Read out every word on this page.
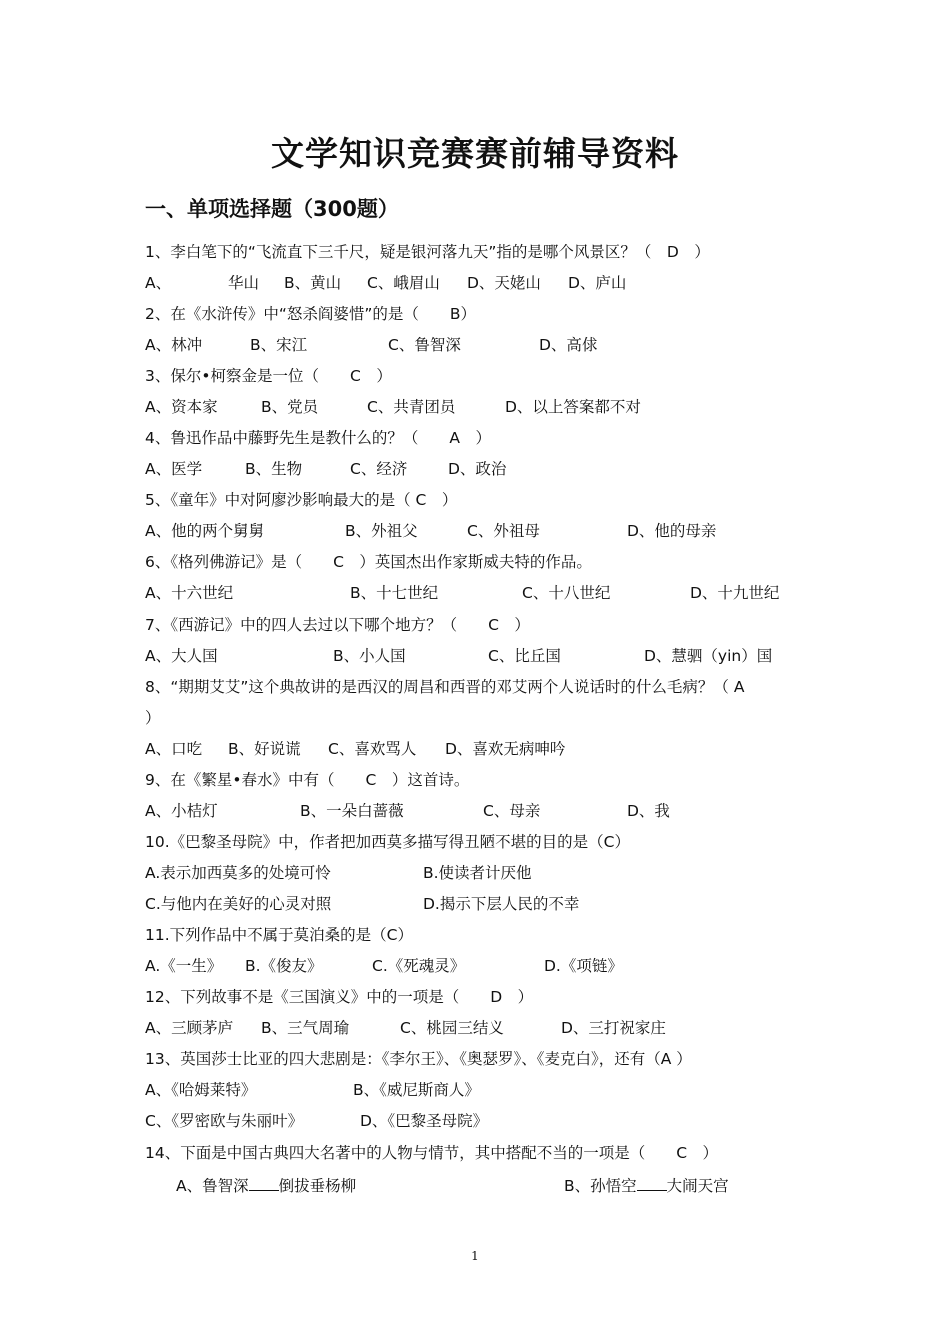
文学知识竞赛赛前辅导资料
一、单项选择题（300题）
1、李白笔下的“飞流直下三千尺，疑是银河落九天”指的是哪个风景区？（　D　）
A、	华山 B、黄山 C、峨眉山 D、天姥山 D、庐山
2、在《水浒传》中“怒杀阎婆惜”的是（　　B）
A、林冲	B、宋江	C、鲁智深	D、高俅
3、保尔•柯察金是一位（　　C　）
A、资本家	B、党员	C、共青团员	D、以上答案都不对
4、鲁迅作品中藤野先生是教什么的？（　　A　）
A、医学	B、生物	C、经济	D、政治
5、《童年》中对阿廖沙影响最大的是（ C　）
A、他的两个舅舅	B、外祖父	C、外祖母	D、他的母亲
6、《格列佛游记》是（　　C　）英国杰出作家斯威夫特的作品。
A、十六世纪	B、十七世纪	C、十八世纪	D、十九世纪
7、《西游记》中的四人去过以下哪个地方？（　　C　）
A、大人国	B、小人国	C、比丘国	D、慧驷（yin）国
8、“期期艾艾”这个典故讲的是西汉的周昌和西晋的邓艾两个人说话时的什么毛病？（ A
）
A、口吃 B、好说谎 C、喜欢骂人 D、喜欢无病呻吟
9、在《繁星•春水》中有（　　C　）这首诗。
A、小桔灯	B、一朵白蔷薇	C、母亲	D、我
10.《巴黎圣母院》中，作者把加西莫多描写得丑陋不堪的目的是（C）
A.表示加西莫多的处境可怜	B.使读者计厌他
C.与他内在美好的心灵对照	D.揭示下层人民的不幸
11.下列作品中不属于莫泊桑的是（C）
A.《一生》 B.《俊友》	C.《死魂灵》	D.《项链》
12、下列故事不是《三国演义》中的一项是（　　D　）
A、三顾茅庐 B、三气周瑜	C、桃园三结义	D、三打祝家庄
13、英国莎士比亚的四大悲剧是：《李尔王》、《奥瑟罗》、《麦克白》，还有（A ）
A、《哈姆莱特》	B、《威尼斯商人》
C、《罗密欧与朱丽叶》	D、《巴黎圣母院》
14、下面是中国古典四大名著中的人物与情节，其中搭配不当的一项是（　　C　）
A、鲁智深 倒拔垂杨柳	B、孙悟空 大闹天宫
1
